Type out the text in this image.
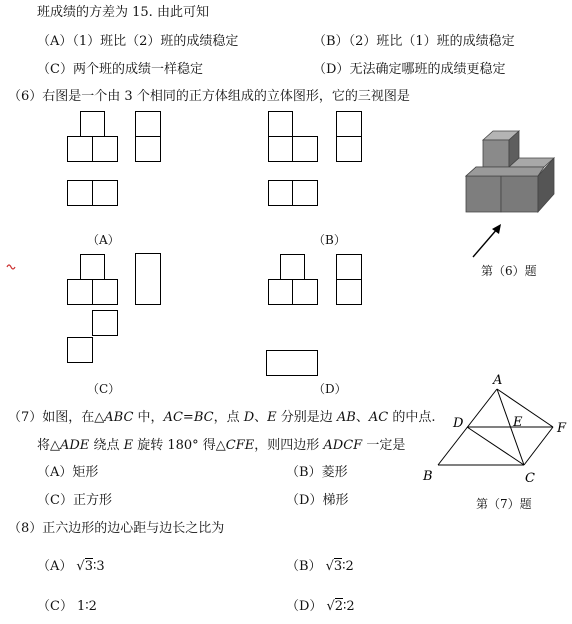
班成绩的方差为 15. 由此可知
（A）（1）班比（2）班的成绩稳定	（B）（2）班比（1）班的成绩稳定
（C）两个班的成绩一样稳定	（D）无法确定哪班的成绩更稳定
（6）右图是一个由 3 个相同的正方体组成的立体图形，它的三视图是
（A）	（B）
（C）	（D）
第（6）题
（7）如图，在△ABC 中，AC=BC，点 D、E 分别是边 AB、AC 的中点.
将△ADE 绕点 E 旋转 180° 得△CFE，则四边形 ADCF 一定是
（A）矩形	（B）菱形
（C）正方形	（D）梯形
A
D	E	F
B	C
第（7）题
（8）正六边形的边心距与边长之比为
（A） √3∶3	（B） √3∶2
（C） 1∶2	（D） √2∶2
